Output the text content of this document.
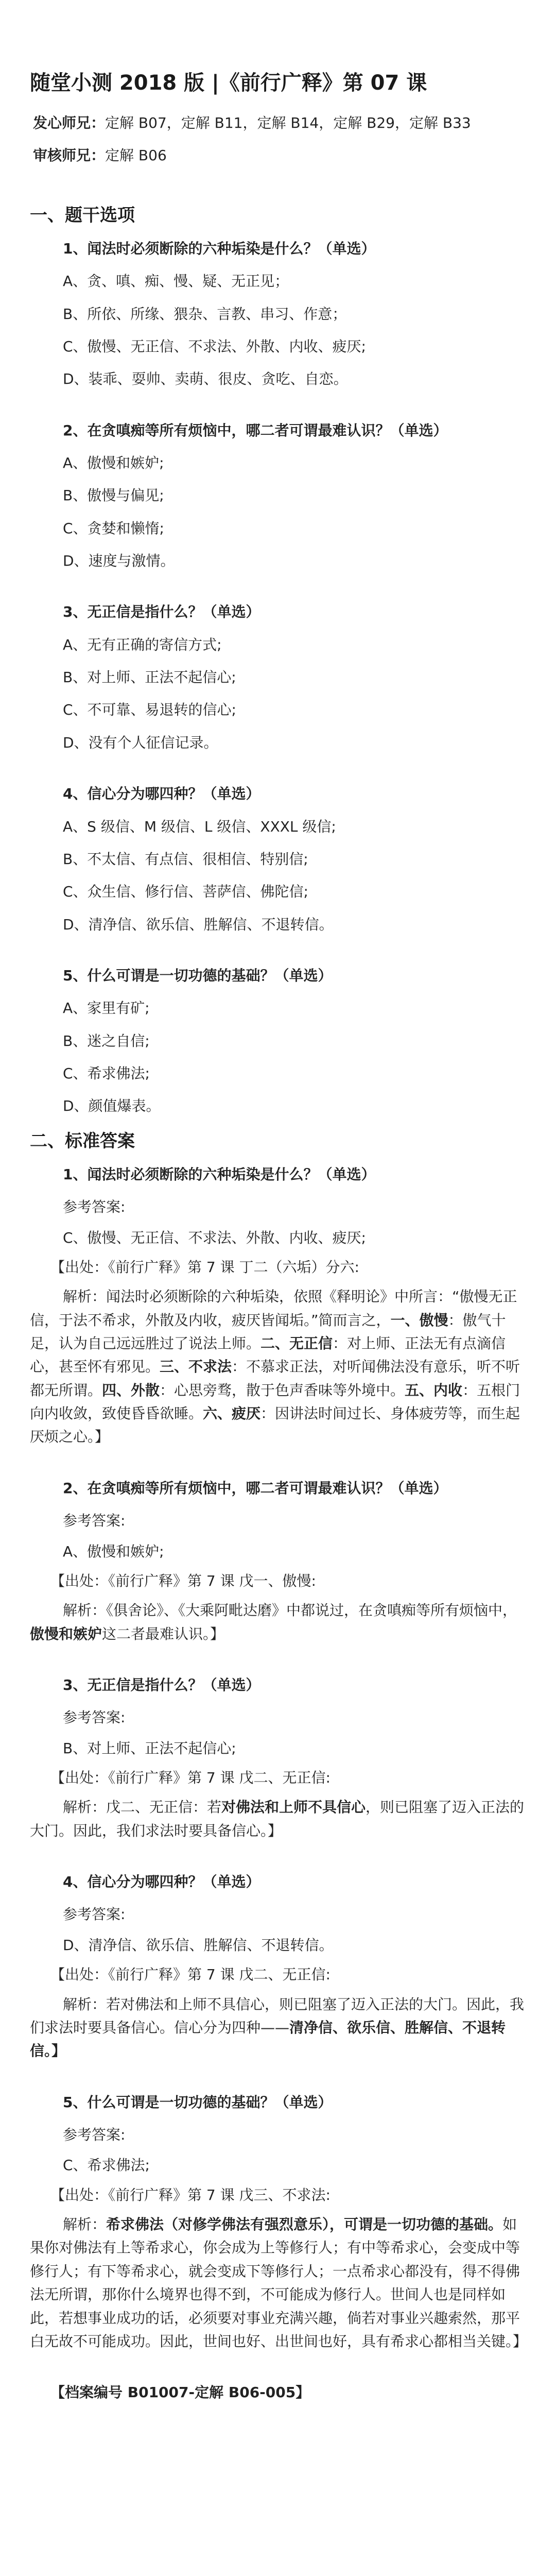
随堂小测 2018 版 |《前行广释》第 07 课
发心师兄：定解 B07，定解 B11，定解 B14，定解 B29，定解 B33
审核师兄：定解 B06
一、题干选项
1、闻法时必须断除的六种垢染是什么？（单选）
A、贪、嗔、痴、慢、疑、无正见；
B、所依、所缘、猥杂、言教、串习、作意；
C、傲慢、无正信、不求法、外散、内收、疲厌;
D、装乖、耍帅、卖萌、很皮、贪吃、自恋。
2、在贪嗔痴等所有烦恼中，哪二者可谓最难认识？（单选）
A、傲慢和嫉妒;
B、傲慢与偏见;
C、贪婪和懒惰;
D、速度与激情。
3、无正信是指什么？（单选）
A、无有正确的寄信方式;
B、对上师、正法不起信心;
C、不可靠、易退转的信心;
D、没有个人征信记录。
4、信心分为哪四种？（单选）
A、S 级信、M 级信、L 级信、XXXL 级信;
B、不太信、有点信、很相信、特别信;
C、众生信、修行信、菩萨信、佛陀信;
D、清净信、欲乐信、胜解信、不退转信。
5、什么可谓是一切功德的基础？（单选）
A、家里有矿;
B、迷之自信;
C、希求佛法;
D、颜值爆表。
二、标准答案
1、闻法时必须断除的六种垢染是什么？（单选）
参考答案:
C、傲慢、无正信、不求法、外散、内收、疲厌;
【出处：《前行广释》第 7 课 丁二（六垢）分六:
解析：闻法时必须断除的六种垢染，依照《释明论》中所言：“傲慢无正信，于法不希求，外散及内收，疲厌皆闻垢。”简而言之，一、傲慢：傲气十足，认为自己远远胜过了说法上师。二、无正信：对上师、正法无有点滴信心，甚至怀有邪见。三、不求法：不慕求正法，对听闻佛法没有意乐，听不听都无所谓。四、外散：心思旁骛，散于色声香味等外境中。五、内收：五根门向内收敛，致使昏昏欲睡。六、疲厌：因讲法时间过长、身体疲劳等，而生起厌烦之心。】
2、在贪嗔痴等所有烦恼中，哪二者可谓最难认识？（单选）
参考答案:
A、傲慢和嫉妒;
【出处：《前行广释》第 7 课 戊一、傲慢:
解析：《俱舍论》、《大乘阿毗达磨》中都说过，在贪嗔痴等所有烦恼中，傲慢和嫉妒这二者最难认识。】
3、无正信是指什么？（单选）
参考答案:
B、对上师、正法不起信心;
【出处：《前行广释》第 7 课 戊二、无正信:
解析：戊二、无正信：若对佛法和上师不具信心，则已阻塞了迈入正法的大门。因此，我们求法时要具备信心。】
4、信心分为哪四种？（单选）
参考答案:
D、清净信、欲乐信、胜解信、不退转信。
【出处：《前行广释》第 7 课 戊二、无正信:
解析：若对佛法和上师不具信心，则已阻塞了迈入正法的大门。因此，我们求法时要具备信心。信心分为四种——清净信、欲乐信、胜解信、不退转信。】
5、什么可谓是一切功德的基础？（单选）
参考答案:
C、希求佛法;
【出处：《前行广释》第 7 课 戊三、不求法:
解析：希求佛法（对修学佛法有强烈意乐），可谓是一切功德的基础。如果你对佛法有上等希求心，你会成为上等修行人；有中等希求心，会变成中等修行人；有下等希求心，就会变成下等修行人；一点希求心都没有，得不得佛法无所谓，那你什么境界也得不到，不可能成为修行人。世间人也是同样如此，若想事业成功的话，必须要对事业充满兴趣，倘若对事业兴趣索然，那平白无故不可能成功。因此，世间也好、出世间也好，具有希求心都相当关键。】
【档案编号 B01007-定解 B06-005】
